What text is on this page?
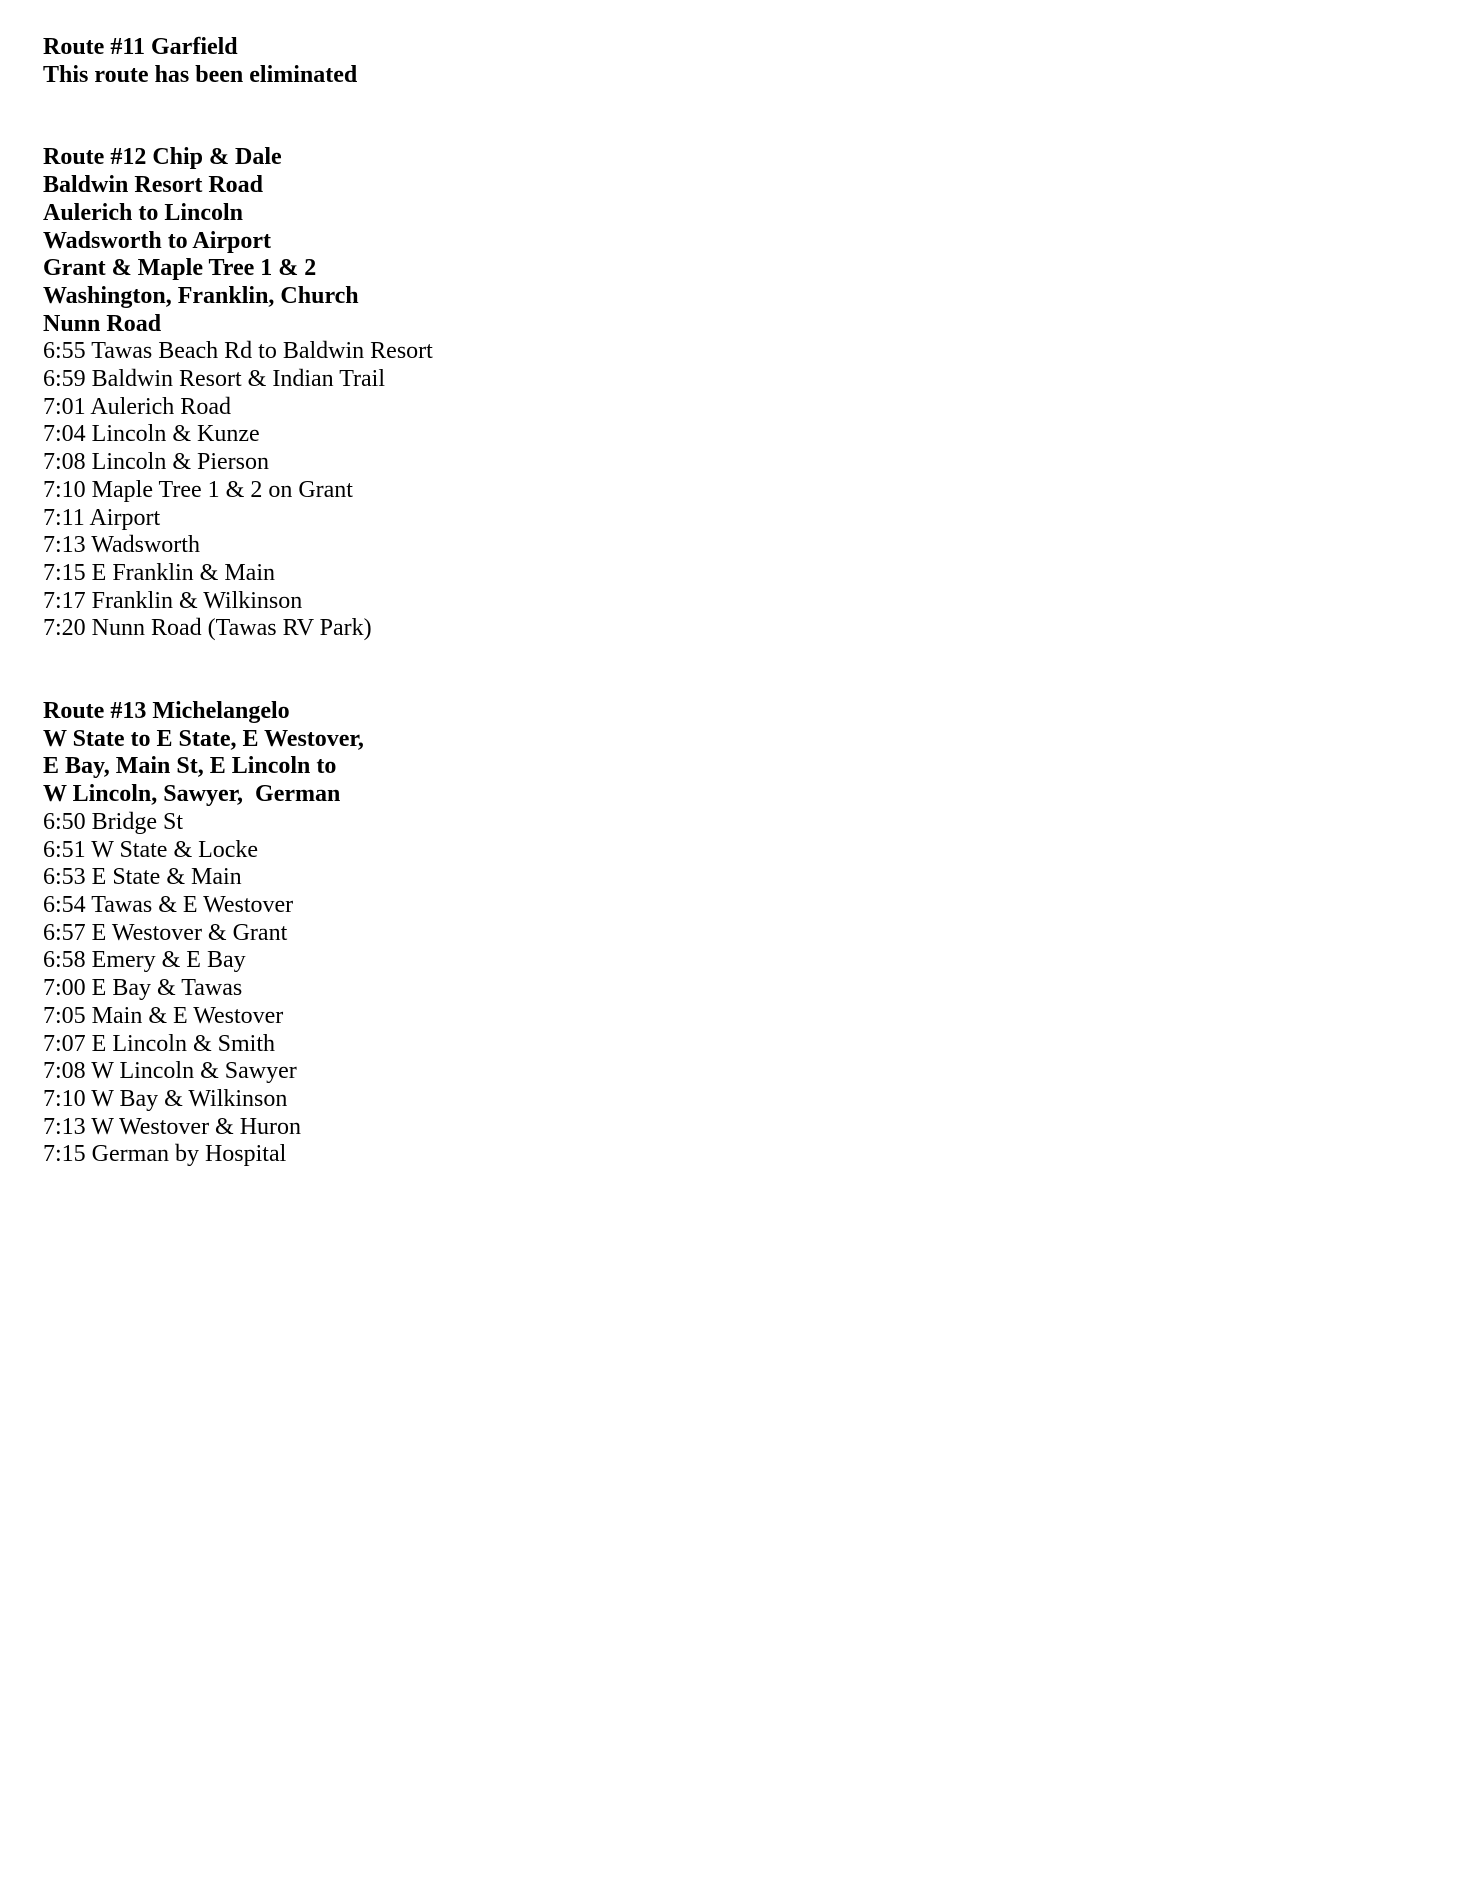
Route #11 Garfield

This route has been eliminated

Route #12 Chip & Dale

Baldwin Resort Road

Aulerich to Lincoln

Wadsworth to Airport

Grant & Maple Tree 1 & 2

Washington, Franklin, Church

Nunn Road

6:55 Tawas Beach Rd to Baldwin Resort

6:59 Baldwin Resort & Indian Trail

7:01 Aulerich Road

7:04 Lincoln & Kunze

7:08 Lincoln & Pierson

7:10 Maple Tree 1 & 2 on Grant

7:11 Airport

7:13 Wadsworth

7:15 E Franklin & Main

7:17 Franklin & Wilkinson

7:20 Nunn Road (Tawas RV Park)

Route #13 Michelangelo

W State to E State, E Westover,

E Bay, Main St, E Lincoln to

W Lincoln, Sawyer,  German

6:50 Bridge St

6:51 W State & Locke

6:53 E State & Main

6:54 Tawas & E Westover

6:57 E Westover & Grant

6:58 Emery & E Bay

7:00 E Bay & Tawas

7:05 Main & E Westover

7:07 E Lincoln & Smith

7:08 W Lincoln & Sawyer

7:10 W Bay & Wilkinson

7:13 W Westover & Huron

7:15 German by Hospital
